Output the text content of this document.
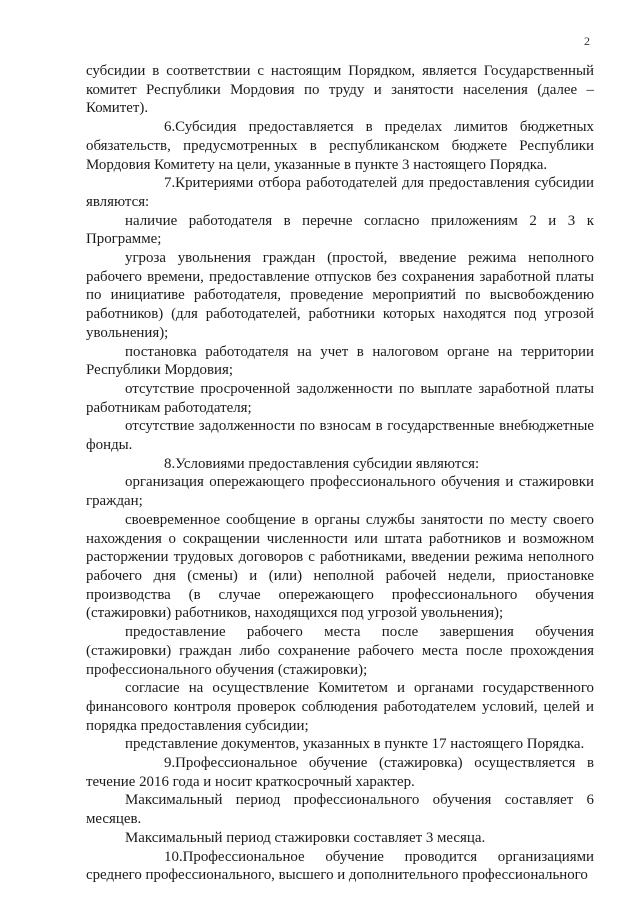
2

субсидии в соответствии с настоящим Порядком, является Государственный комитет Республики Мордовия по труду и занятости населения (далее – Комитет).

6.Субсидия предоставляется в пределах лимитов бюджетных обязательств, предусмотренных в республиканском бюджете Республики Мордовия Комитету на цели, указанные в пункте 3 настоящего Порядка.

7.Критериями отбора работодателей для предоставления субсидии являются:

наличие работодателя в перечне согласно приложениям 2 и 3 к Программе;

угроза увольнения граждан (простой, введение режима неполного рабочего времени, предоставление отпусков без сохранения заработной платы по инициативе работодателя, проведение мероприятий по высвобождению работников) (для работодателей, работники которых находятся под угрозой увольнения);

постановка работодателя на учет в налоговом органе на территории Республики Мордовия;

отсутствие просроченной задолженности по выплате заработной платы работникам работодателя;

отсутствие задолженности по взносам в государственные внебюджетные фонды.

8.Условиями предоставления субсидии являются:

организация опережающего профессионального обучения и стажировки граждан;

своевременное сообщение в органы службы занятости по месту своего нахождения о сокращении численности или штата работников и возможном расторжении трудовых договоров с работниками, введении режима неполного рабочего дня (смены) и (или) неполной рабочей недели, приостановке производства (в случае опережающего профессионального обучения (стажировки) работников, находящихся под угрозой увольнения);

предоставление рабочего места после завершения обучения (стажировки) граждан либо сохранение рабочего места после прохождения профессионального обучения (стажировки);

согласие на осуществление Комитетом и органами государственного финансового контроля проверок соблюдения работодателем условий, целей и порядка предоставления субсидии;

представление документов, указанных в пункте 17 настоящего Порядка.

9.Профессиональное обучение (стажировка) осуществляется в течение 2016 года и носит краткосрочный характер.

Максимальный период профессионального обучения составляет 6 месяцев.

Максимальный период стажировки составляет 3 месяца.

10.Профессиональное обучение проводится организациями среднего профессионального, высшего и дополнительного профессионального
